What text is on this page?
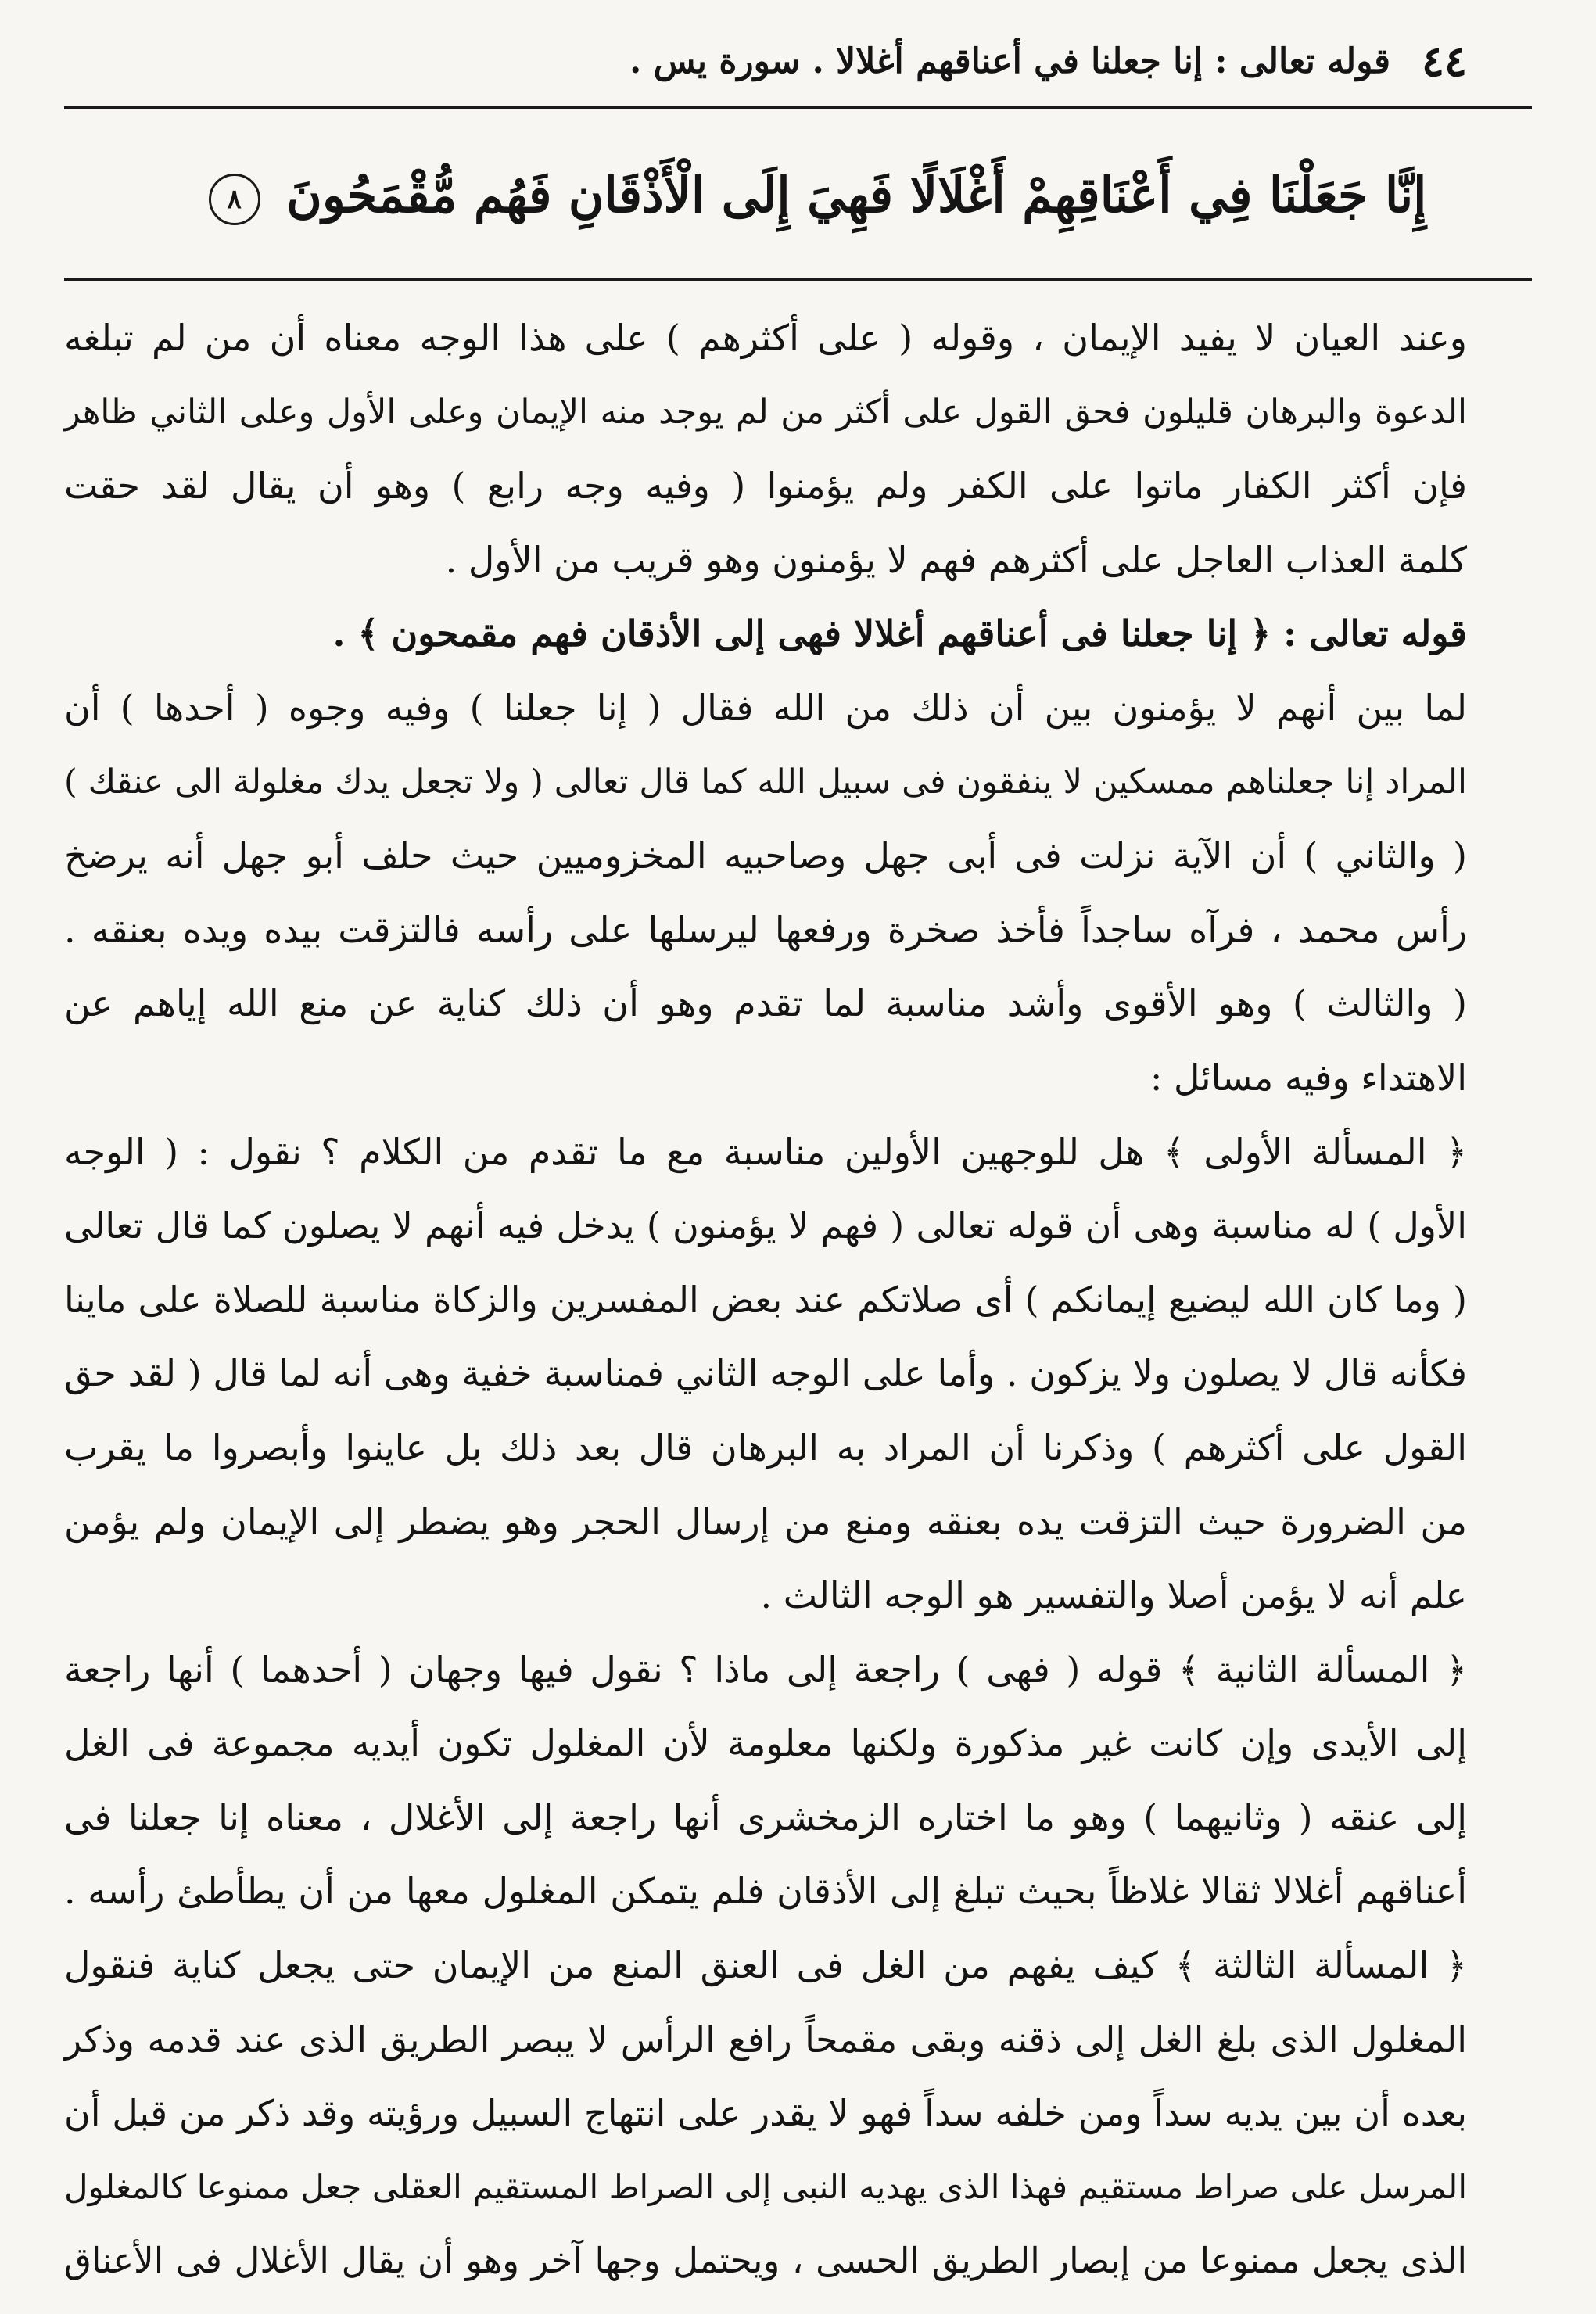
٤٤
قوله تعالى : إنا جعلنا في أعناقهم أغلالا . سورة يس .
إِنَّا جَعَلْنَا فِي أَعْنَاقِهِمْ أَغْلَالًا فَهِيَ إِلَى الْأَذْقَانِ فَهُم مُّقْمَحُونَ ٨
وعند العيان لا يفيد الإيمان ، وقوله ( على أكثرهم ) على هذا الوجه معناه أن من لم تبلغه
الدعوة والبرهان قليلون فحق القول على أكثر من لم يوجد منه الإيمان وعلى الأول وعلى الثاني ظاهر
فإن أكثر الكفار ماتوا على الكفر ولم يؤمنوا ( وفيه وجه رابع ) وهو أن يقال لقد حقت
كلمة العذاب العاجل على أكثرهم فهم لا يؤمنون وهو قريب من الأول .
قوله تعالى : ﴿ إنا جعلنا فى أعناقهم أغلالا فهى إلى الأذقان فهم مقمحون ﴾ .
لما بين أنهم لا يؤمنون بين أن ذلك من الله فقال ( إنا جعلنا ) وفيه وجوه ( أحدها ) أن
المراد إنا جعلناهم ممسكين لا ينفقون فى سبيل الله كما قال تعالى ( ولا تجعل يدك مغلولة الى عنقك )
( والثاني ) أن الآية نزلت فى أبى جهل وصاحبيه المخزوميين حيث حلف أبو جهل أنه يرضخ
رأس محمد ، فرآه ساجداً فأخذ صخرة ورفعها ليرسلها على رأسه فالتزقت بيده ويده بعنقه .
( والثالث ) وهو الأقوى وأشد مناسبة لما تقدم وهو أن ذلك كناية عن منع الله إياهم عن
الاهتداء وفيه مسائل :
﴿ المسألة الأولى ﴾ هل للوجهين الأولين مناسبة مع ما تقدم من الكلام ؟ نقول : ( الوجه
الأول ) له مناسبة وهى أن قوله تعالى ( فهم لا يؤمنون ) يدخل فيه أنهم لا يصلون كما قال تعالى
( وما كان الله ليضيع إيمانكم ) أى صلاتكم عند بعض المفسرين والزكاة مناسبة للصلاة على ماينا
فكأنه قال لا يصلون ولا يزكون . وأما على الوجه الثاني فمناسبة خفية وهى أنه لما قال ( لقد حق
القول على أكثرهم ) وذكرنا أن المراد به البرهان قال بعد ذلك بل عاينوا وأبصروا ما يقرب
من الضرورة حيث التزقت يده بعنقه ومنع من إرسال الحجر وهو يضطر إلى الإيمان ولم يؤمن
علم أنه لا يؤمن أصلا والتفسير هو الوجه الثالث .
﴿ المسألة الثانية ﴾ قوله ( فهى ) راجعة إلى ماذا ؟ نقول فيها وجهان ( أحدهما ) أنها راجعة
إلى الأيدى وإن كانت غير مذكورة ولكنها معلومة لأن المغلول تكون أيديه مجموعة فى الغل
إلى عنقه ( وثانيهما ) وهو ما اختاره الزمخشرى أنها راجعة إلى الأغلال ، معناه إنا جعلنا فى
أعناقهم أغلالا ثقالا غلاظاً بحيث تبلغ إلى الأذقان فلم يتمكن المغلول معها من أن يطأطئ رأسه .
﴿ المسألة الثالثة ﴾ كيف يفهم من الغل فى العنق المنع من الإيمان حتى يجعل كناية فنقول
المغلول الذى بلغ الغل إلى ذقنه وبقى مقمحاً رافع الرأس لا يبصر الطريق الذى عند قدمه وذكر
بعده أن بين يديه سداً ومن خلفه سداً فهو لا يقدر على انتهاج السبيل ورؤيته وقد ذكر من قبل أن
المرسل على صراط مستقيم فهذا الذى يهديه النبى إلى الصراط المستقيم العقلى جعل ممنوعا كالمغلول
الذى يجعل ممنوعا من إبصار الطريق الحسى ، ويحتمل وجها آخر وهو أن يقال الأغلال فى الأعناق
